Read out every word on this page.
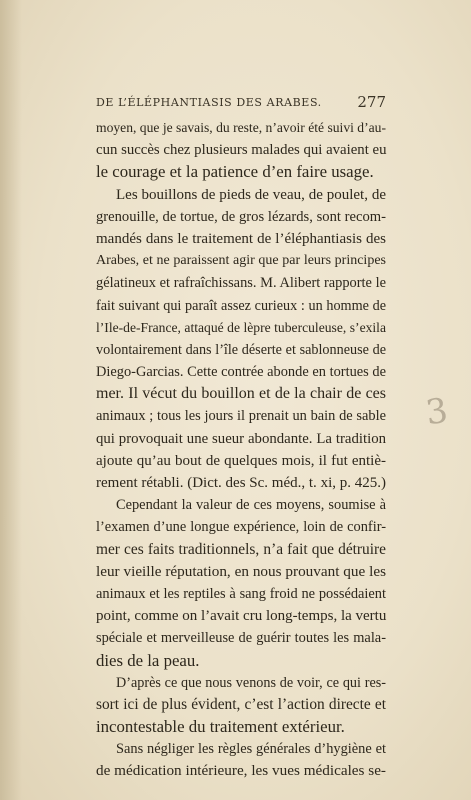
DE L’ÉLÉPHANTIASIS DES ARABES. 277
moyen, que je savais, du reste, n’avoir été suivi d’au-
cun succès chez plusieurs malades qui avaient eu
le courage et la patience d’en faire usage.
Les bouillons de pieds de veau, de poulet, de
grenouille, de tortue, de gros lézards, sont recom-
mandés dans le traitement de l’éléphantiasis des
Arabes, et ne paraissent agir que par leurs principes
gélatineux et rafraîchissans. M. Alibert rapporte le
fait suivant qui paraît assez curieux : un homme de
l’Ile-de-France, attaqué de lèpre tuberculeuse, s’exila
volontairement dans l’île déserte et sablonneuse de
Diego-Garcias. Cette contrée abonde en tortues de
mer. Il vécut du bouillon et de la chair de ces
animaux ; tous les jours il prenait un bain de sable
qui provoquait une sueur abondante. La tradition
ajoute qu’au bout de quelques mois, il fut entiè-
rement rétabli. (Dict. des Sc. méd., t. xi, p. 425.)
Cependant la valeur de ces moyens, soumise à
l’examen d’une longue expérience, loin de confir-
mer ces faits traditionnels, n’a fait que détruire
leur vieille réputation, en nous prouvant que les
animaux et les reptiles à sang froid ne possédaient
point, comme on l’avait cru long-temps, la vertu
spéciale et merveilleuse de guérir toutes les mala-
dies de la peau.
D’après ce que nous venons de voir, ce qui res-
sort ici de plus évident, c’est l’action directe et
incontestable du traitement extérieur.
Sans négliger les règles générales d’hygiène et
de médication intérieure, les vues médicales se-
3
